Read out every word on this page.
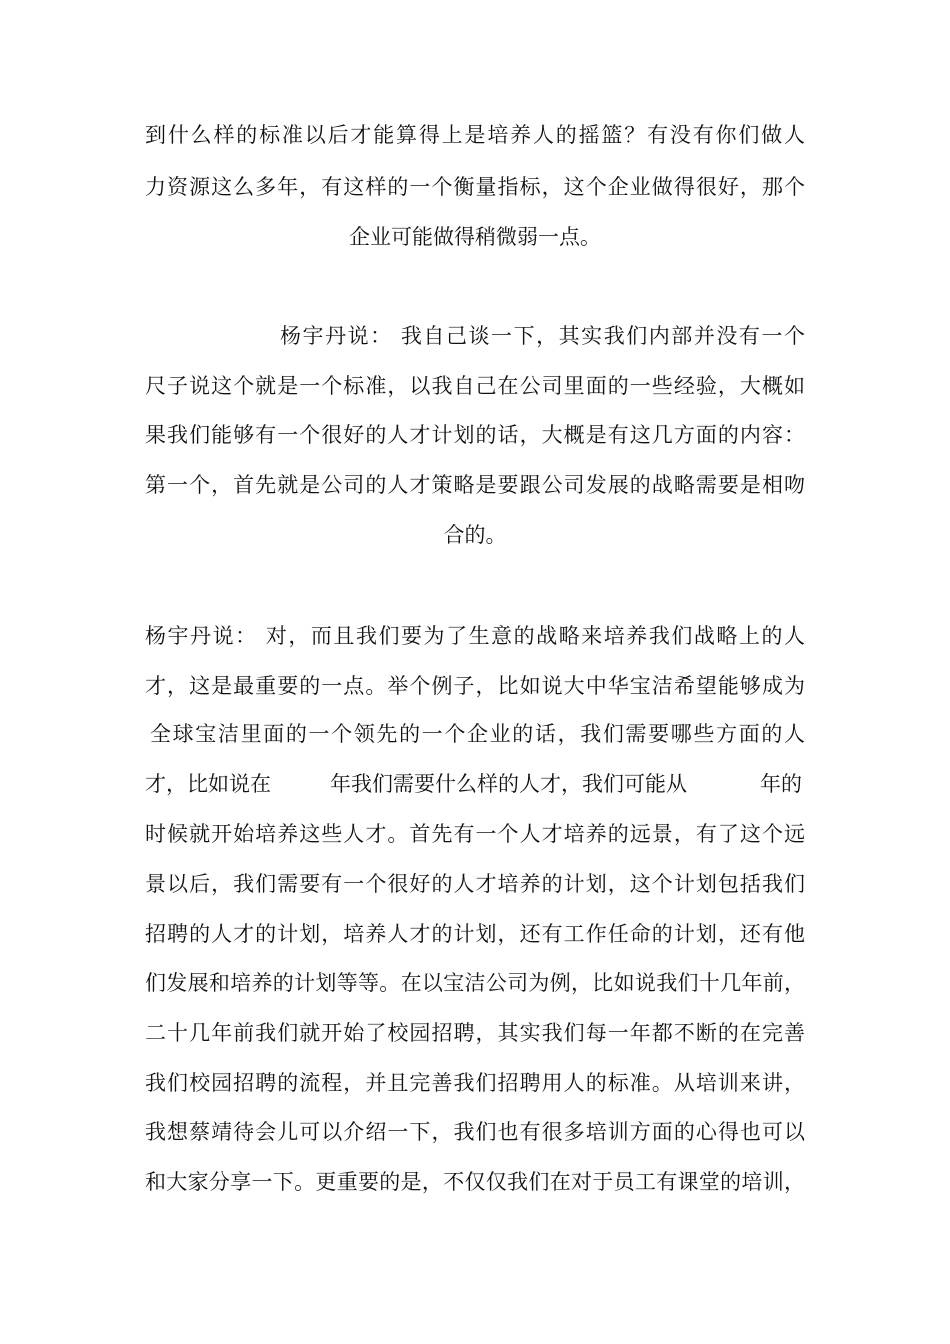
到什么样的标准以后才能算得上是培养人的摇篮？有没有你们做人
力资源这么多年，有这样的一个衡量指标，这个企业做得很好，那个
企业可能做得稍微弱一点。
杨宇丹说： 我自己谈一下，其实我们内部并没有一个
尺子说这个就是一个标准，以我自己在公司里面的一些经验，大概如
果我们能够有一个很好的人才计划的话，大概是有这几方面的内容：
第一个，首先就是公司的人才策略是要跟公司发展的战略需要是相吻
合的。
杨宇丹说： 对，而且我们要为了生意的战略来培养我们战略上的人
才，这是最重要的一点。举个例子，比如说大中华宝洁希望能够成为
全球宝洁里面的一个领先的一个企业的话，我们需要哪些方面的人
才，比如说在	年我们需要什么样的人才，我们可能从	年的
时候就开始培养这些人才。首先有一个人才培养的远景，有了这个远
景以后，我们需要有一个很好的人才培养的计划，这个计划包括我们
招聘的人才的计划，培养人才的计划，还有工作任命的计划，还有他
们发展和培养的计划等等。在以宝洁公司为例，比如说我们十几年前，
二十几年前我们就开始了校园招聘，其实我们每一年都不断的在完善
我们校园招聘的流程，并且完善我们招聘用人的标准。从培训来讲，
我想蔡靖待会儿可以介绍一下，我们也有很多培训方面的心得也可以
和大家分享一下。更重要的是，不仅仅我们在对于员工有课堂的培训，
